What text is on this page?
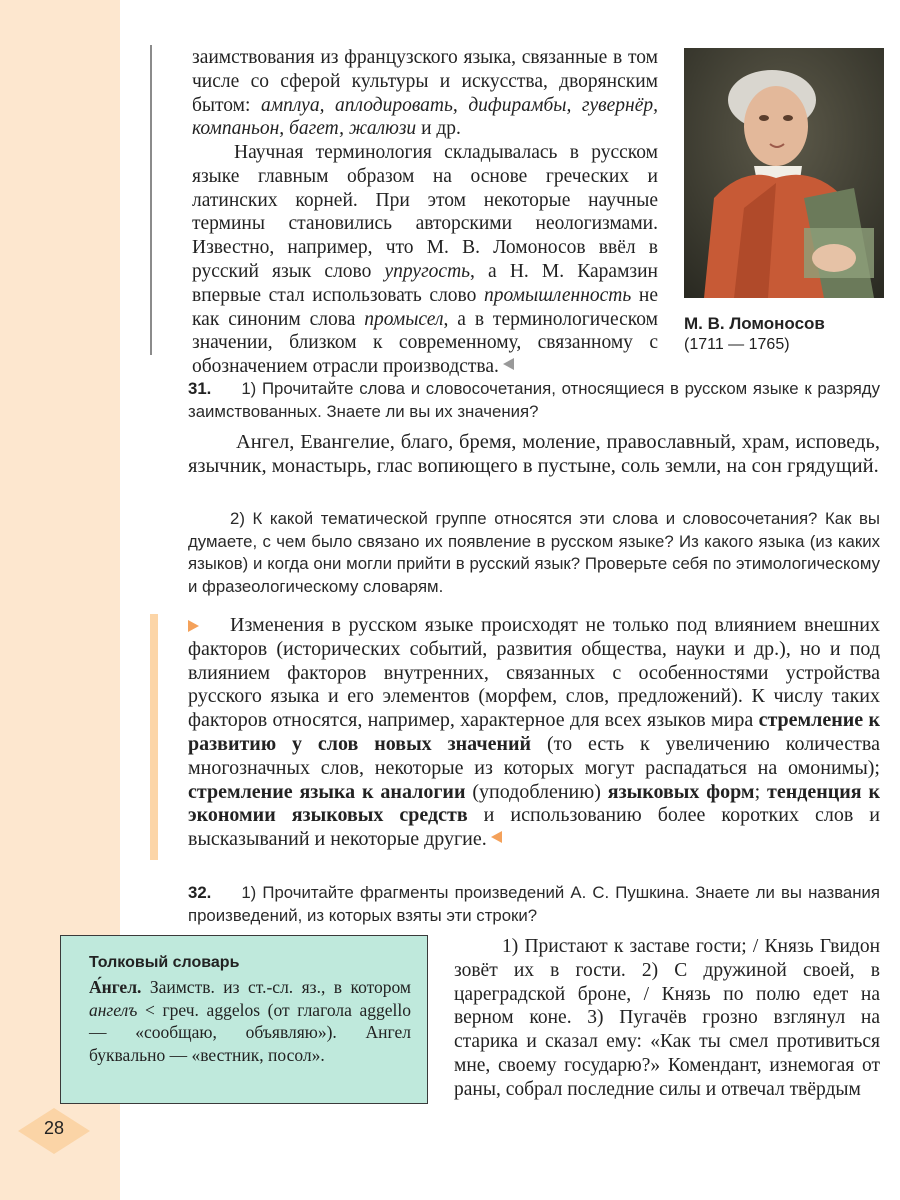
заимствования из французского языка, связанные в том числе со сферой культуры и искусства, дворянским бытом: амплуа, аплодировать, дифирамбы, гувернёр, компаньон, багет, жалюзи и др.

Научная терминология складывалась в русском языке главным образом на основе греческих и латинских корней. При этом некоторые научные термины становились авторскими неологизмами. Известно, например, что М. В. Ломоносов ввёл в русский язык слово упругость, а Н. М. Карамзин впервые стал использовать слово промышленность не как синоним слова промысел, а в терминологическом значении, близком к современному, связанному с обозначением отрасли производства.

М. В. Ломоносов
(1711 — 1765)

31. 1) Прочитайте слова и словосочетания, относящиеся в русском языке к разряду заимствованных. Знаете ли вы их значения?

Ангел, Евангелие, благо, бремя, моление, православный, храм, исповедь, язычник, монастырь, глас вопиющего в пустыне, соль земли, на сон грядущий.
2) К какой тематической группе относятся эти слова и словосочетания? Как вы думаете, с чем было связано их появление в русском языке? Из какого языка (из каких языков) и когда они могли прийти в русский язык? Проверьте себя по этимологическому и фразеологическому словарям.

Изменения в русском языке происходят не только под влиянием внешних факторов (исторических событий, развития общества, науки и др.), но и под влиянием факторов внутренних, связанных с особенностями устройства русского языка и его элементов (морфем, слов, предложений). К числу таких факторов относятся, например, характерное для всех языков мира стремление к развитию у слов новых значений (то есть к увеличению количества многозначных слов, некоторые из которых могут распадаться на омонимы); стремление языка к аналогии (уподоблению) языковых форм; тенденция к экономии языковых средств и использованию более коротких слов и высказываний и некоторые другие.

32. 1) Прочитайте фрагменты произведений А. С. Пушкина. Знаете ли вы названия произведений, из которых взяты эти строки?

Толковый словарь

А́нгел. Заимств. из ст.-сл. яз., в котором ангелъ < греч. aggelos (от глагола aggello — «сообщаю, объявляю»). Ангел буквально — «вестник, посол».

1) Пристают к заставе гости; / Князь Гвидон зовёт их в гости. 2) С дружиной своей, в цареградской броне, / Князь по полю едет на верном коне. 3) Пугачёв грозно взглянул на старика и сказал ему: «Как ты смел противиться мне, своему государю?» Комендант, изнемогая от раны, собрал последние силы и отвечал твёрдым
28
